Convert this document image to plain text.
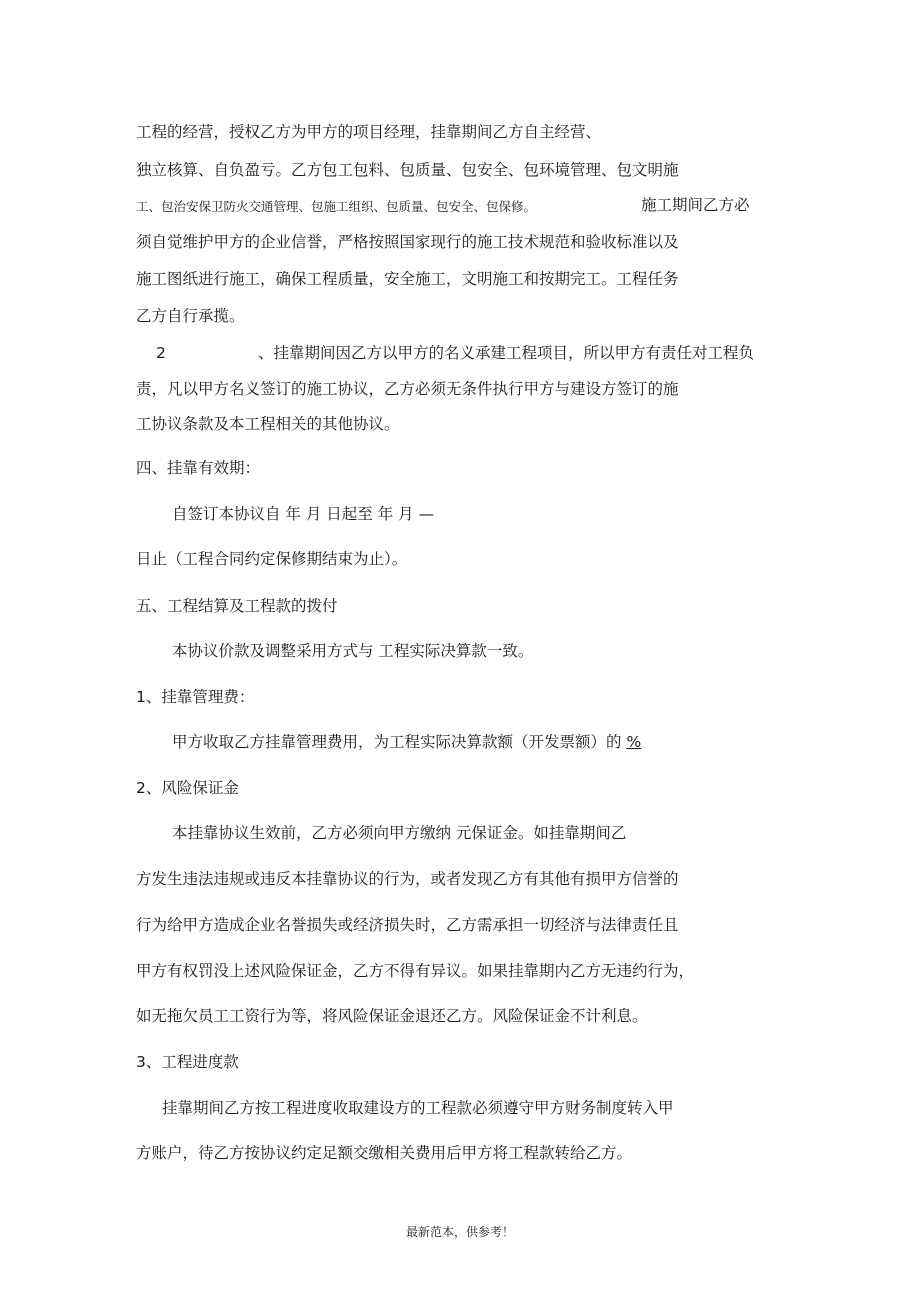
工程的经营，授权乙方为甲方的项目经理，挂靠期间乙方自主经营、

独立核算、自负盈亏。乙方包工包料、包质量、包安全、包环境管理、包文明施

工、包治安保卫防火交通管理、包施工组织、包质量、包安全、包保修。	施工期间乙方必

须自觉维护甲方的企业信誉，严格按照国家现行的施工技术规范和验收标准以及

施工图纸进行施工，确保工程质量，安全施工，文明施工和按期完工。工程任务

乙方自行承揽。

2	、挂靠期间因乙方以甲方的名义承建工程项目，所以甲方有责任对工程负

责，凡以甲方名义签订的施工协议，乙方必须无条件执行甲方与建设方签订的施

工协议条款及本工程相关的其他协议。

四、挂靠有效期：

自签订本协议自 年 月 日起至 年 月 —

日止（工程合同约定保修期结束为止）。

五、工程结算及工程款的拨付

本协议价款及调整采用方式与 工程实际决算款一致。

1、挂靠管理费：

甲方收取乙方挂靠管理费用，为工程实际决算款额（开发票额）的 %

2、风险保证金

本挂靠协议生效前，乙方必须向甲方缴纳 元保证金。如挂靠期间乙

方发生违法违规或违反本挂靠协议的行为，或者发现乙方有其他有损甲方信誉的

行为给甲方造成企业名誉损失或经济损失时，乙方需承担一切经济与法律责任且

甲方有权罚没上述风险保证金，乙方不得有异议。如果挂靠期内乙方无违约行为，

如无拖欠员工工资行为等，将风险保证金退还乙方。风险保证金不计利息。

3、工程进度款

挂靠期间乙方按工程进度收取建设方的工程款必须遵守甲方财务制度转入甲

方账户，待乙方按协议约定足额交缴相关费用后甲方将工程款转给乙方。

最新范本，供参考！
